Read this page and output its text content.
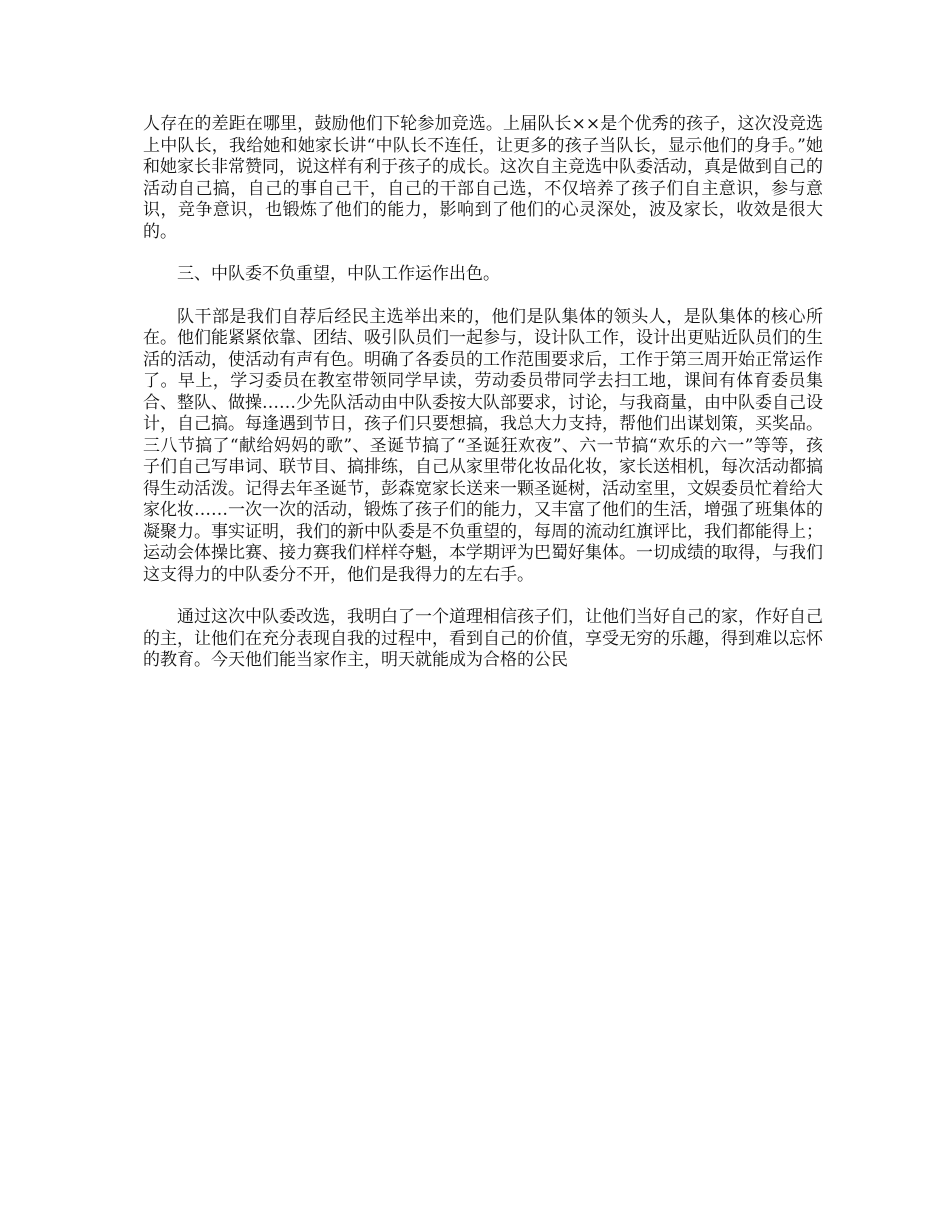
人存在的差距在哪里，鼓励他们下轮参加竞选。上届队长××是个优秀的孩子，这次没竞选上中队长，我给她和她家长讲“中队长不连任，让更多的孩子当队长，显示他们的身手。”她和她家长非常赞同，说这样有利于孩子的成长。这次自主竞选中队委活动，真是做到自己的活动自己搞，自己的事自己干，自己的干部自己选，不仅培养了孩子们自主意识，参与意识，竞争意识，也锻炼了他们的能力，影响到了他们的心灵深处，波及家长，收效是很大的。

三、中队委不负重望，中队工作运作出色。

队干部是我们自荐后经民主选举出来的，他们是队集体的领头人，是队集体的核心所在。他们能紧紧依靠、团结、吸引队员们一起参与，设计队工作，设计出更贴近队员们的生活的活动，使活动有声有色。明确了各委员的工作范围要求后，工作于第三周开始正常运作了。早上，学习委员在教室带领同学早读，劳动委员带同学去扫工地，课间有体育委员集合、整队、做操……少先队活动由中队委按大队部要求，讨论，与我商量，由中队委自己设计，自己搞。每逢遇到节日，孩子们只要想搞，我总大力支持，帮他们出谋划策，买奖品。三八节搞了“献给妈妈的歌”、圣诞节搞了“圣诞狂欢夜”、六一节搞“欢乐的六一”等等，孩子们自己写串词、联节目、搞排练，自己从家里带化妆品化妆，家长送相机，每次活动都搞得生动活泼。记得去年圣诞节，彭森宽家长送来一颗圣诞树，活动室里，文娱委员忙着给大家化妆……一次一次的活动，锻炼了孩子们的能力，又丰富了他们的生活，增强了班集体的凝聚力。事实证明，我们的新中队委是不负重望的，每周的流动红旗评比，我们都能得上；运动会体操比赛、接力赛我们样样夺魁，本学期评为巴蜀好集体。一切成绩的取得，与我们这支得力的中队委分不开，他们是我得力的左右手。

通过这次中队委改选，我明白了一个道理相信孩子们，让他们当好自己的家，作好自己的主，让他们在充分表现自我的过程中，看到自己的价值，享受无穷的乐趣，得到难以忘怀的教育。今天他们能当家作主，明天就能成为合格的公民
